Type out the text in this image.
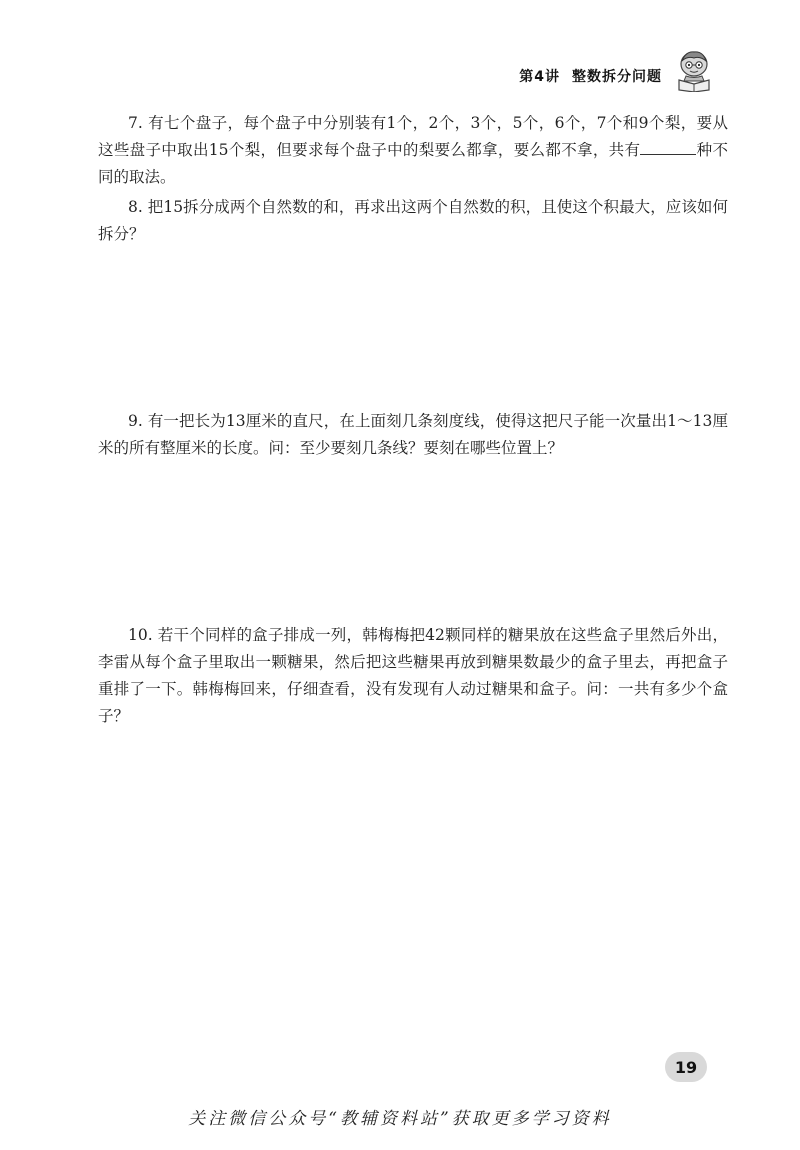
第4讲 整数拆分问题

7. 有七个盘子，每个盘子中分别装有1个，2个，3个，5个，6个，7个和9个梨，要从这些盘子中取出15个梨，但要求每个盘子中的梨要么都拿，要么都不拿，共有	种不同的取法。

8. 把15拆分成两个自然数的和，再求出这两个自然数的积，且使这个积最大，应该如何拆分？

9. 有一把长为13厘米的直尺，在上面刻几条刻度线，使得这把尺子能一次量出1～13厘米的所有整厘米的长度。问：至少要刻几条线？要刻在哪些位置上？

10. 若干个同样的盒子排成一列，韩梅梅把42颗同样的糖果放在这些盒子里然后外出，李雷从每个盒子里取出一颗糖果，然后把这些糖果再放到糖果数最少的盒子里去，再把盒子重排了一下。韩梅梅回来，仔细查看，没有发现有人动过糖果和盒子。问：一共有多少个盒子？

19
关注微信公众号“教辅资料站”获取更多学习资料
